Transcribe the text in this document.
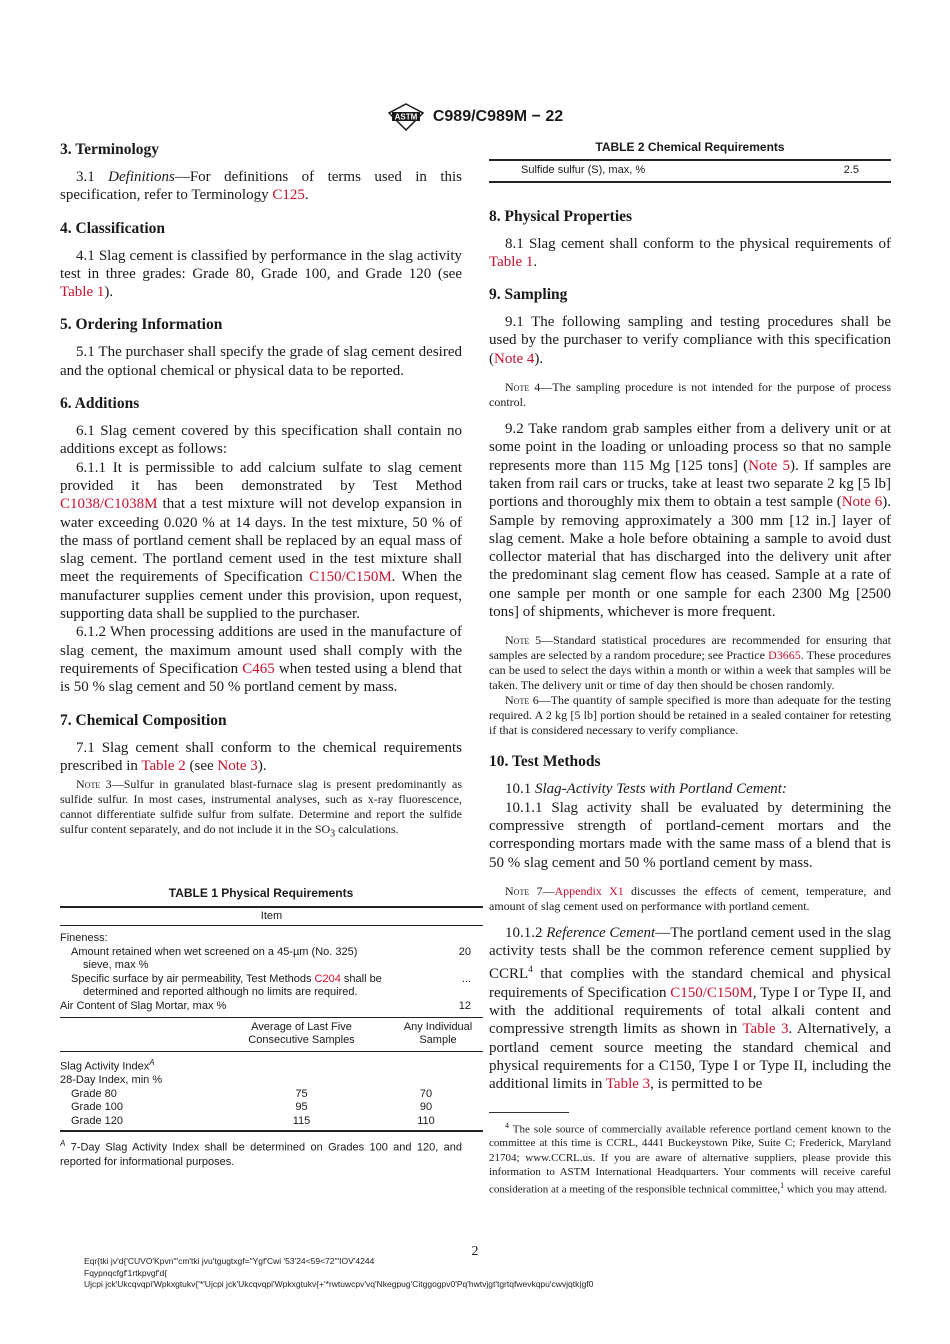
ASTM C989/C989M − 22
3. Terminology
3.1 Definitions—For definitions of terms used in this specification, refer to Terminology C125.
4. Classification
4.1 Slag cement is classified by performance in the slag activity test in three grades: Grade 80, Grade 100, and Grade 120 (see Table 1).
5. Ordering Information
5.1 The purchaser shall specify the grade of slag cement desired and the optional chemical or physical data to be reported.
6. Additions
6.1 Slag cement covered by this specification shall contain no additions except as follows:
6.1.1 It is permissible to add calcium sulfate to slag cement provided it has been demonstrated by Test Method C1038/C1038M that a test mixture will not develop expansion in water exceeding 0.020 % at 14 days. In the test mixture, 50 % of the mass of portland cement shall be replaced by an equal mass of slag cement. The portland cement used in the test mixture shall meet the requirements of Specification C150/C150M. When the manufacturer supplies cement under this provision, upon request, supporting data shall be supplied to the purchaser.
6.1.2 When processing additions are used in the manufacture of slag cement, the maximum amount used shall comply with the requirements of Specification C465 when tested using a blend that is 50 % slag cement and 50 % portland cement by mass.
7. Chemical Composition
7.1 Slag cement shall conform to the chemical requirements prescribed in Table 2 (see Note 3).
Note 3—Sulfur in granulated blast-furnace slag is present predominantly as sulfide sulfur. In most cases, instrumental analyses, such as x-ray fluorescence, cannot differentiate sulfide sulfur from sulfate. Determine and report the sulfide sulfur content separately, and do not include it in the $SO_3$ calculations.
TABLE 1 Physical Requirements
Item		
Fineness:		

Amount retained when wet screened on a 45-µm (No. 325) sieve, max %		20

Specific surface by air permeability, Test Methods C204 shall be determined and reported although no limits are required.		...
Air Content of Slag Mortar, max %		12

	Average of Last Five Consecutive Samples	Any Individual Sample

Slag Activity Index$^A$
28-Day Index, min %		
Grade 80	75	70
Grade 100	95	90
Grade 120	115	110
$^A$ 7-Day Slag Activity Index shall be determined on Grades 100 and 120, and reported for informational purposes.
TABLE 2 Chemical Requirements
Sulfide sulfur (S), max, %	2.5
8. Physical Properties
8.1 Slag cement shall conform to the physical requirements of Table 1.
9. Sampling
9.1 The following sampling and testing procedures shall be used by the purchaser to verify compliance with this specification (Note 4).
Note 4—The sampling procedure is not intended for the purpose of process control.
9.2 Take random grab samples either from a delivery unit or at some point in the loading or unloading process so that no sample represents more than 115 Mg [125 tons] (Note 5). If samples are taken from rail cars or trucks, take at least two separate 2 kg [5 lb] portions and thoroughly mix them to obtain a test sample (Note 6). Sample by removing approximately a 300 mm [12 in.] layer of slag cement. Make a hole before obtaining a sample to avoid dust collector material that has discharged into the delivery unit after the predominant slag cement flow has ceased. Sample at a rate of one sample per month or one sample for each 2300 Mg [2500 tons] of shipments, whichever is more frequent.
Note 5—Standard statistical procedures are recommended for ensuring that samples are selected by a random procedure; see Practice D3665. These procedures can be used to select the days within a month or within a week that samples will be taken. The delivery unit or time of day then should be chosen randomly.
Note 6—The quantity of sample specified is more than adequate for the testing required. A 2 kg [5 lb] portion should be retained in a sealed container for retesting if that is considered necessary to verify compliance.
10. Test Methods
10.1 Slag-Activity Tests with Portland Cement:
10.1.1 Slag activity shall be evaluated by determining the compressive strength of portland-cement mortars and the corresponding mortars made with the same mass of a blend that is 50 % slag cement and 50 % portland cement by mass.
Note 7—Appendix X1 discusses the effects of cement, temperature, and amount of slag cement used on performance with portland cement.
10.1.2 Reference Cement—The portland cement used in the slag activity tests shall be the common reference cement supplied by CCRL$^4$ that complies with the standard chemical and physical requirements of Specification C150/C150M, Type I or Type II, and with the additional requirements of total alkali content and compressive strength limits as shown in Table 3. Alternatively, a portland cement source meeting the standard chemical and physical requirements for a C150, Type I or Type II, including the additional limits in Table 3, is permitted to be
$^4$ The sole source of commercially available reference portland cement known to the committee at this time is CCRL, 4441 Buckeystown Pike, Suite C; Frederick, Maryland 21704; www.CCRL.us. If you are aware of alternative suppliers, please provide this information to ASTM International Headquarters. Your comments will receive careful consideration at a meeting of the responsible technical committee,$^1$ which you may attend.
2
Eqr{tki jv'd{'CUVO'Kpvn'"cm'tki jvu'tgugtxgf="Ygf'Cwi '53'24<59<72'"IOV'4244
Fqypnqcfgf'1rtkpvgf'd{
Ujcpi jck'Ukcqvqpi'Wpkxgtukv{'*'Ujcpi jck'Ukcqvqpi'Wpkxgtukv{+'*rwtuwcpv'vq'Nkegpug'Citggogpv0'Pq'hwtvjgt'tgrtqfwevkqpu'cwvjqtk|gf0
